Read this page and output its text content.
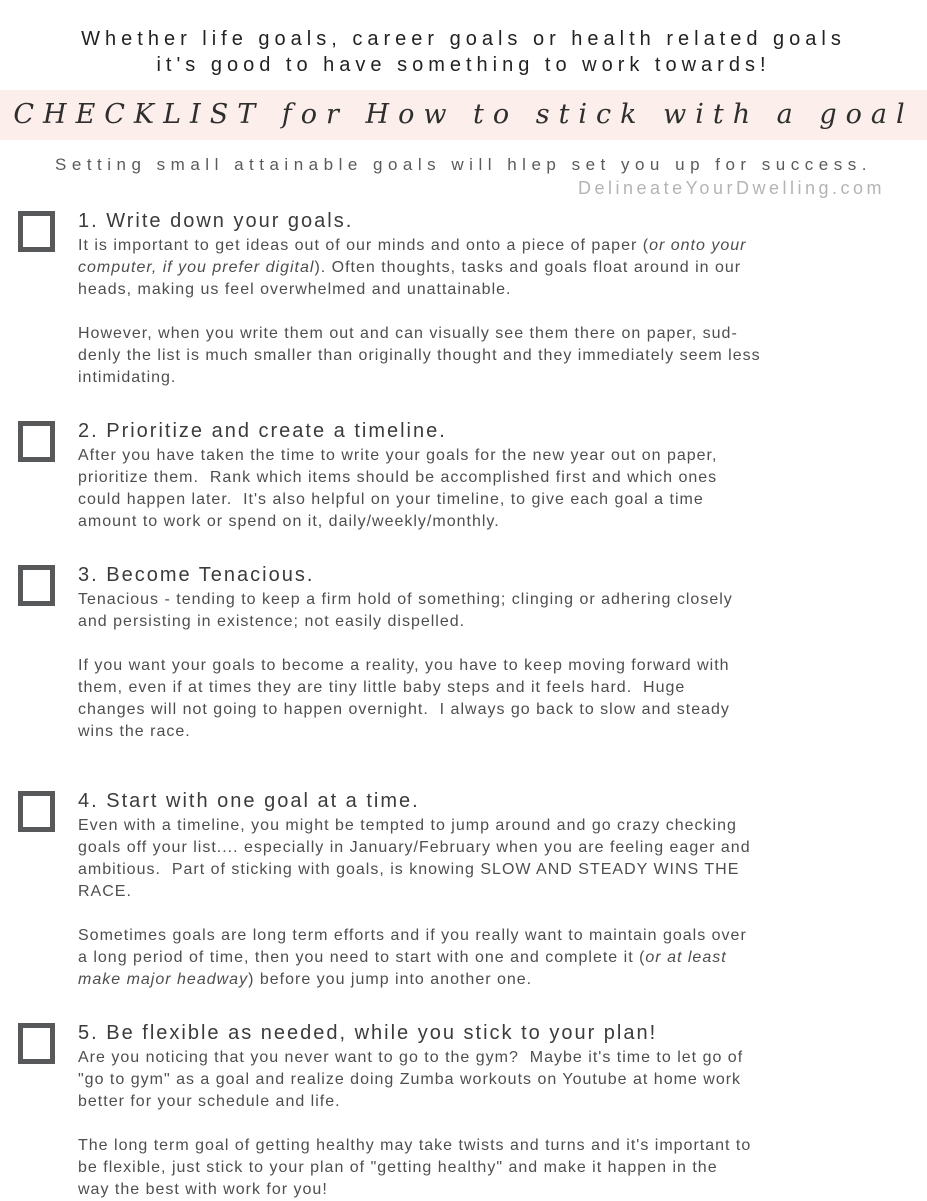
Whether life goals, career goals or health related goals
it's good to have something to work towards!
CHECKLIST for How to stick with a goal
Setting small attainable goals will hlep set you up for success.
DelineateYourDwelling.com
1. Write down your goals.
It is important to get ideas out of our minds and onto a piece of paper (or onto your
computer, if you prefer digital). Often thoughts, tasks and goals float around in our
heads, making us feel overwhelmed and unattainable.
However, when you write them out and can visually see them there on paper, sud-
denly the list is much smaller than originally thought and they immediately seem less
intimidating.
2. Prioritize and create a timeline.
After you have taken the time to write your goals for the new year out on paper,
prioritize them.  Rank which items should be accomplished first and which ones
could happen later.  It's also helpful on your timeline, to give each goal a time
amount to work or spend on it, daily/weekly/monthly.
3. Become Tenacious.
Tenacious - tending to keep a firm hold of something; clinging or adhering closely
and persisting in existence; not easily dispelled.
If you want your goals to become a reality, you have to keep moving forward with
them, even if at times they are tiny little baby steps and it feels hard.  Huge
changes will not going to happen overnight.  I always go back to slow and steady
wins the race.
4. Start with one goal at a time.
Even with a timeline, you might be tempted to jump around and go crazy checking
goals off your list.... especially in January/February when you are feeling eager and
ambitious.  Part of sticking with goals, is knowing SLOW AND STEADY WINS THE
RACE.
Sometimes goals are long term efforts and if you really want to maintain goals over
a long period of time, then you need to start with one and complete it (or at least
make major headway) before you jump into another one.
5. Be flexible as needed, while you stick to your plan!
Are you noticing that you never want to go to the gym?  Maybe it's time to let go of
"go to gym" as a goal and realize doing Zumba workouts on Youtube at home work
better for your schedule and life.
The long term goal of getting healthy may take twists and turns and it's important to
be flexible, just stick to your plan of "getting healthy" and make it happen in the
way the best with work for you!
